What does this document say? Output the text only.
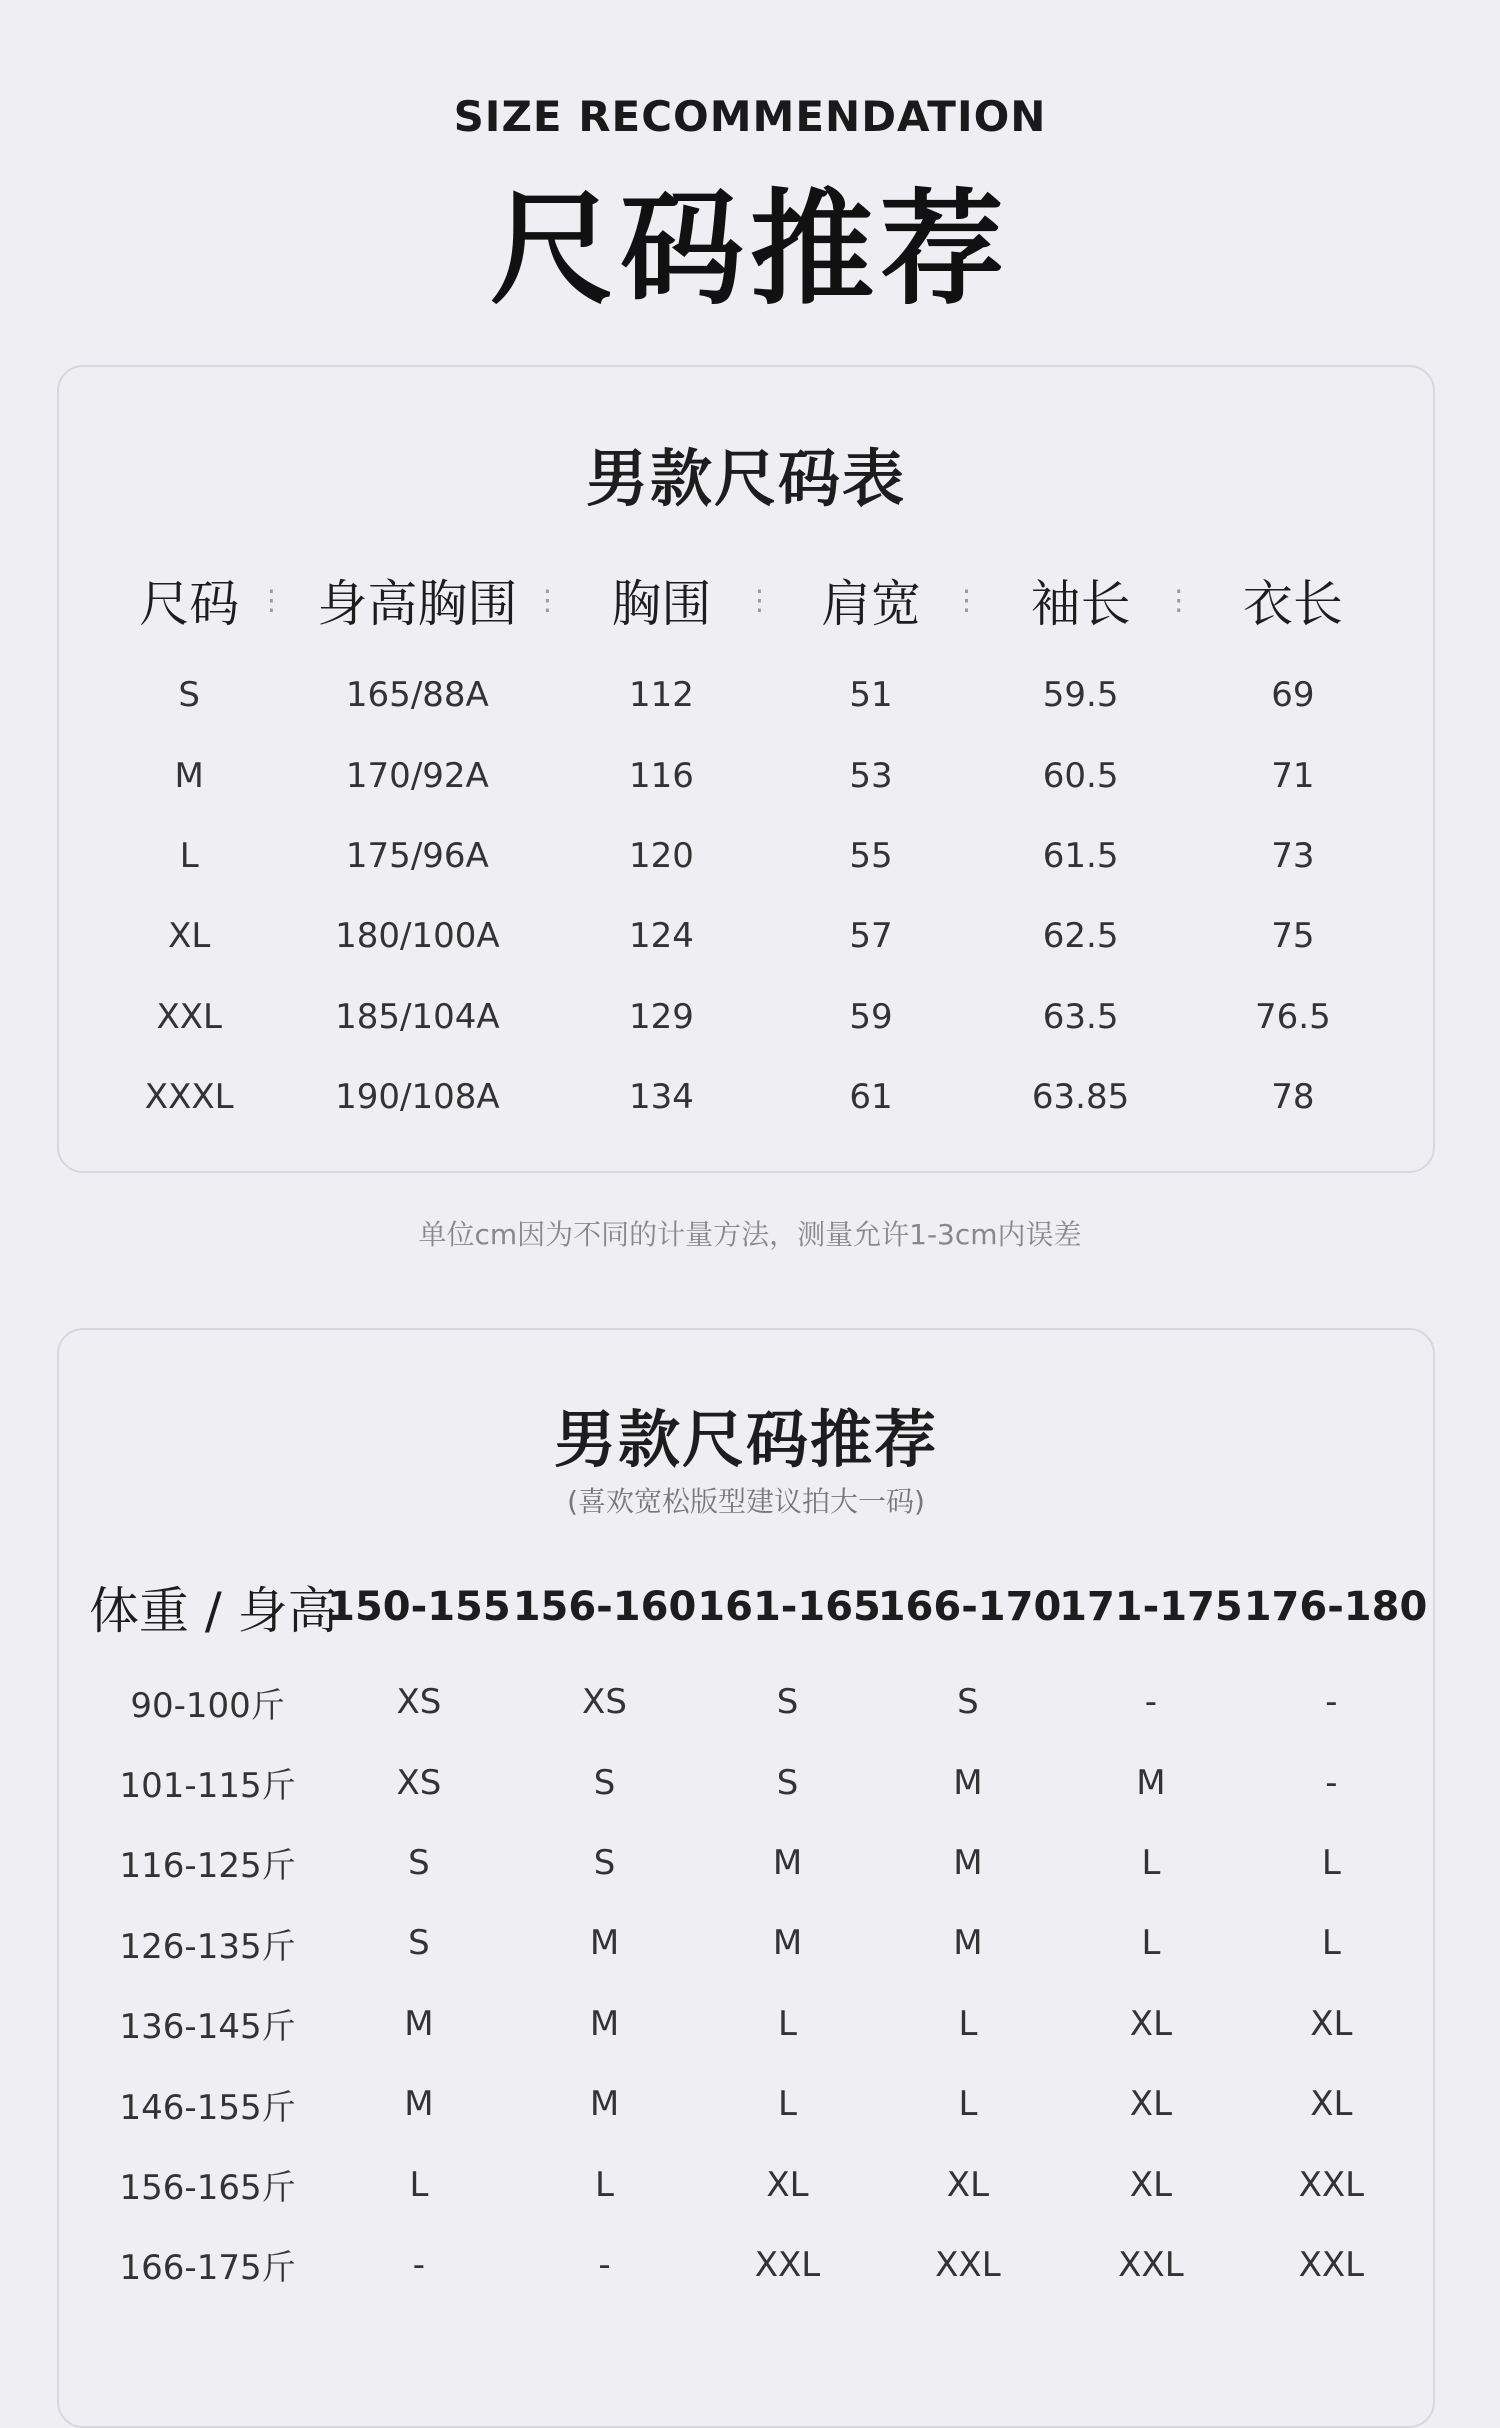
SIZE RECOMMENDATION
尺码推荐
男款尺码表
尺码 ⋮	身高胸围 ⋮	胸围 ⋮	肩宽 ⋮	袖长 ⋮	衣长
S	165/88A	112	51	59.5	69
M	170/92A	116	53	60.5	71
L	175/96A	120	55	61.5	73
XL	180/100A	124	57	62.5	75
XXL	185/104A	129	59	63.5	76.5
XXXL	190/108A	134	61	63.85	78
单位cm因为不同的计量方法，测量允许1-3cm内误差
男款尺码推荐
(喜欢宽松版型建议拍大一码)
体重 / 身高	150-155	156-160	161-165	166-170	171-175	176-180
90-100斤	XS	XS	S	S	-	-
101-115斤	XS	S	S	M	M	-
116-125斤	S	S	M	M	L	L
126-135斤	S	M	M	M	L	L
136-145斤	M	M	L	L	XL	XL
146-155斤	M	M	L	L	XL	XL
156-165斤	L	L	XL	XL	XL	XXL
166-175斤	-	-	XXL	XXL	XXL	XXL
